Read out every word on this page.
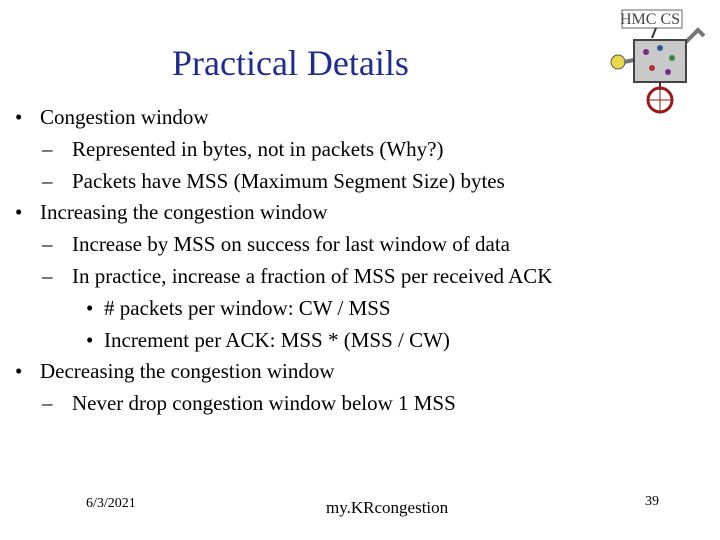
Practical Details
HMC CS
• Congestion window
– Represented in bytes, not in packets (Why?)
– Packets have MSS (Maximum Segment Size) bytes
• Increasing the congestion window
– Increase by MSS on success for last window of data
– In practice, increase a fraction of MSS per received ACK
• # packets per window: CW / MSS
• Increment per ACK: MSS * (MSS / CW)
• Decreasing the congestion window
– Never drop congestion window below 1 MSS
6/3/2021	my.KRcongestion	39
